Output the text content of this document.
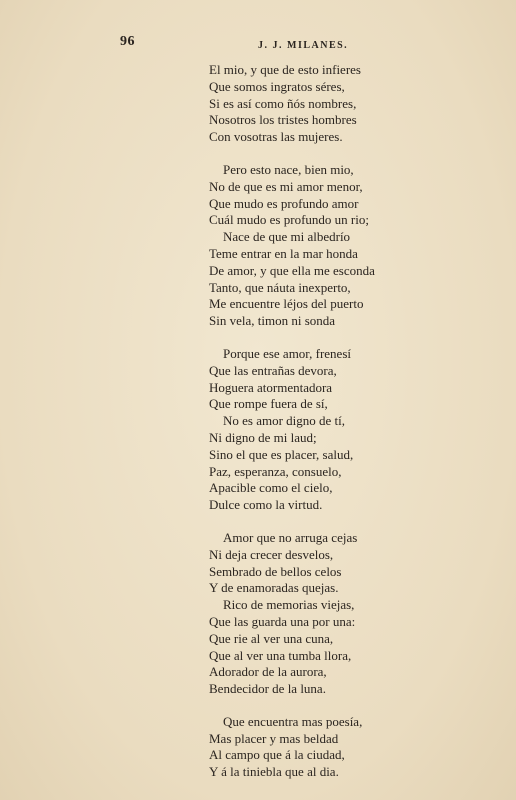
96	J. J. MILANES.
El mio, y que de esto infieres
Que somos ingratos séres,
Si es así como ñós nombres,
Nosotros los tristes hombres
Con vosotras las mujeres.
Pero esto nace, bien mio,
No de que es mi amor menor,
Que mudo es profundo amor
Cuál mudo es profundo un rio;
Nace de que mi albedrío
Teme entrar en la mar honda
De amor, y que ella me esconda
Tanto, que náuta inexperto,
Me encuentre léjos del puerto
Sin vela, timon ni sonda
Porque ese amor, frenesí
Que las entrañas devora,
Hoguera atormentadora
Que rompe fuera de sí,
No es amor digno de tí,
Ni digno de mi laud;
Sino el que es placer, salud,
Paz, esperanza, consuelo,
Apacible como el cielo,
Dulce como la virtud.
Amor que no arruga cejas
Ni deja crecer desvelos,
Sembrado de bellos celos
Y de enamoradas quejas.
Rico de memorias viejas,
Que las guarda una por una:
Que rie al ver una cuna,
Que al ver una tumba llora,
Adorador de la aurora,
Bendecidor de la luna.
Que encuentra mas poesía,
Mas placer y mas beldad
Al campo que á la ciudad,
Y á la tiniebla que al dia.
